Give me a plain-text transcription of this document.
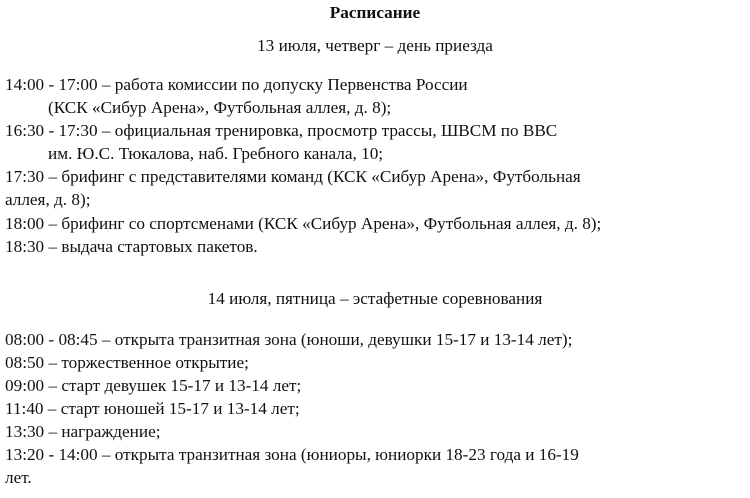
Расписание
13 июля, четверг – день приезда
14:00 - 17:00 – работа комиссии по допуску Первенства России
(КСК «Сибур Арена», Футбольная аллея, д. 8);
16:30 - 17:30 – официальная тренировка, просмотр трассы, ШВСМ по ВВС
им. Ю.С. Тюкалова, наб. Гребного канала, 10;
17:30 – брифинг с представителями команд (КСК «Сибур Арена», Футбольная
аллея, д. 8);
18:00 – брифинг со спортсменами (КСК «Сибур Арена», Футбольная аллея, д. 8);
18:30 – выдача стартовых пакетов.
14 июля, пятница – эстафетные соревнования
08:00 - 08:45 – открыта транзитная зона (юноши, девушки 15-17 и 13-14 лет);
08:50 – торжественное открытие;
09:00 – старт девушек 15-17 и 13-14 лет;
11:40 – старт юношей 15-17 и 13-14 лет;
13:30 – награждение;
13:20 - 14:00 – открыта транзитная зона (юниоры, юниорки 18-23 года и 16-19
лет.
